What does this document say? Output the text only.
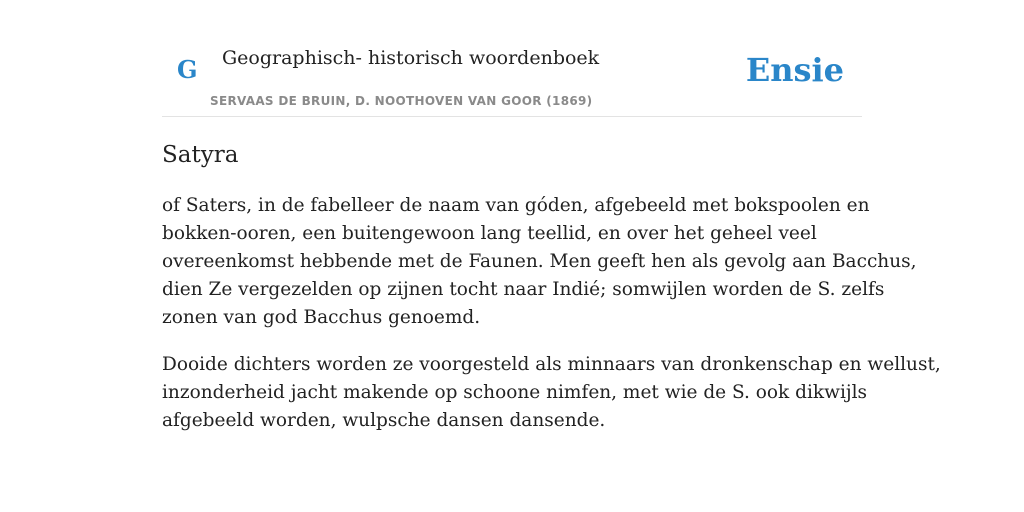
G Geographisch- historisch woordenboek
SERVAAS DE BRUIN, D. NOOTHOVEN VAN GOOR (1869)
Ensie
Satyra

of Saters, in de fabelleer de naam van góden, afgebeeld met bokspoolen en
bokken-ooren, een buitengewoon lang teellid, en over het geheel veel
overeenkomst hebbende met de Faunen. Men geeft hen als gevolg aan Bacchus,
dien Ze vergezelden op zijnen tocht naar Indié; somwijlen worden de S. zelfs
zonen van god Bacchus genoemd.

Dooide dichters worden ze voorgesteld als minnaars van dronkenschap en wellust,
inzonderheid jacht makende op schoone nimfen, met wie de S. ook dikwijls
afgebeeld worden, wulpsche dansen dansende.
